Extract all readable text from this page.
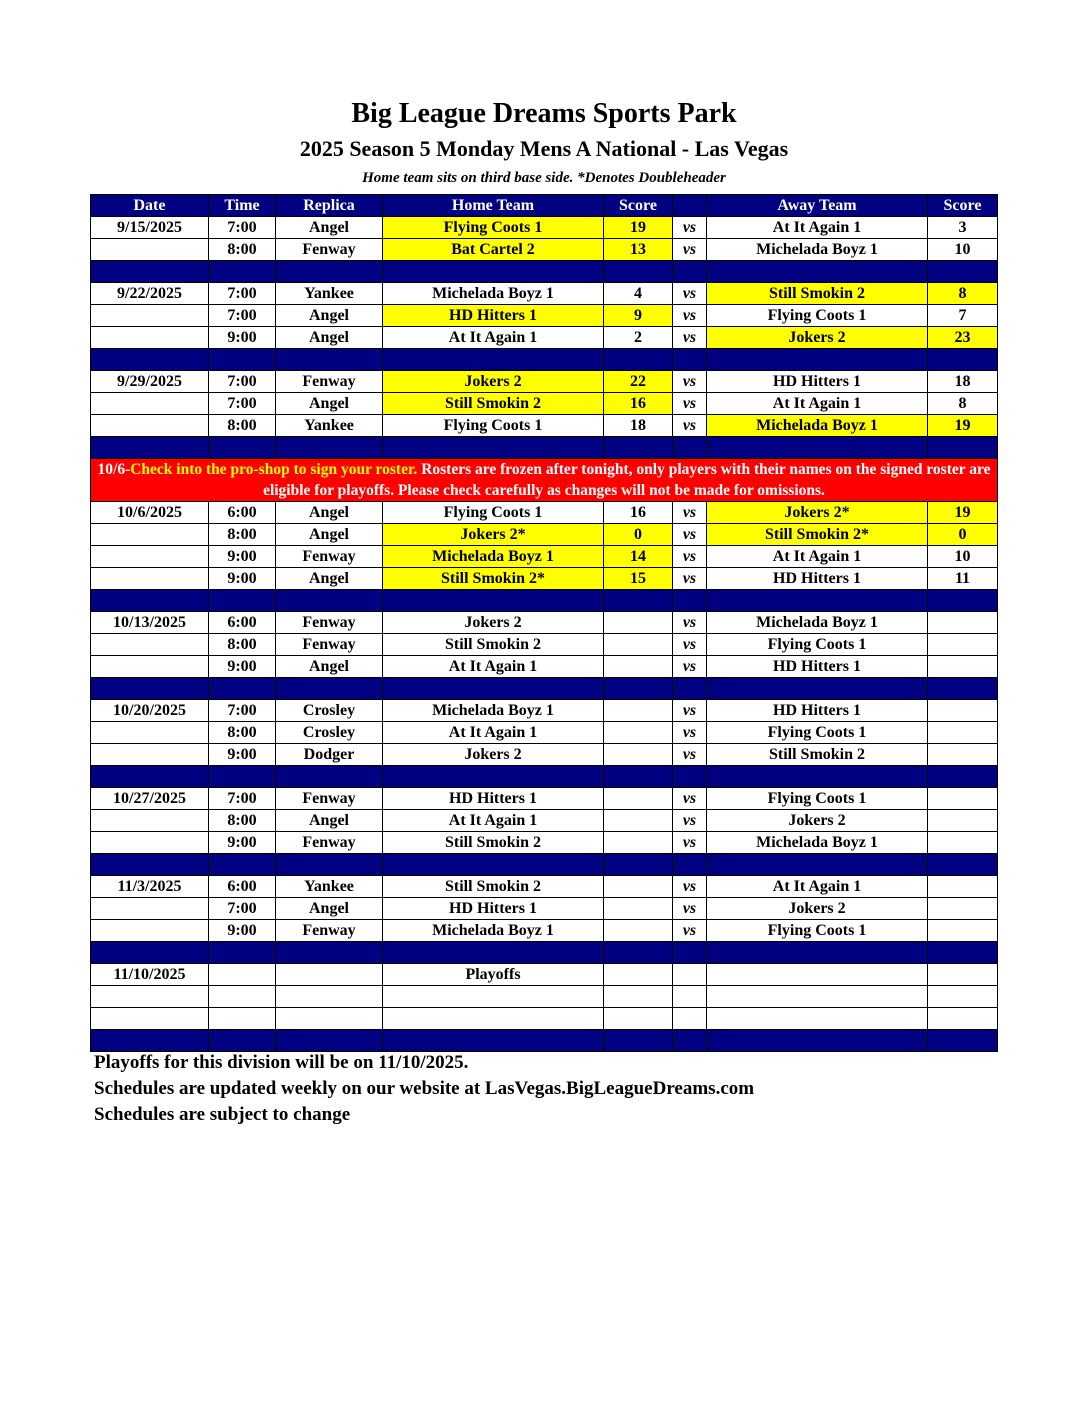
Big League Dreams Sports Park
2025 Season 5 Monday Mens A National - Las Vegas
Home team sits on third base side. *Denotes Doubleheader
Date	Time	Replica	Home Team	Score		Away Team	Score
9/15/2025	7:00	Angel	Flying Coots 1	19	vs	At It Again 1	3
	8:00	Fenway	Bat Cartel 2	13	vs	Michelada Boyz 1	10

9/22/2025	7:00	Yankee	Michelada Boyz 1	4	vs	Still Smokin 2	8
	7:00	Angel	HD Hitters 1	9	vs	Flying Coots 1	7
	9:00	Angel	At It Again 1	2	vs	Jokers 2	23

9/29/2025	7:00	Fenway	Jokers 2	22	vs	HD Hitters 1	18
	7:00	Angel	Still Smokin 2	16	vs	At It Again 1	8
	8:00	Yankee	Flying Coots 1	18	vs	Michelada Boyz 1	19

10/6-Check into the pro-shop to sign your roster. Rosters are frozen after tonight, only players with their names on the signed roster are eligible for playoffs. Please check carefully as changes will not be made for omissions.							
10/6/2025	6:00	Angel	Flying Coots 1	16	vs	Jokers 2*	19
	8:00	Angel	Jokers 2*	0	vs	Still Smokin 2*	0
	9:00	Fenway	Michelada Boyz 1	14	vs	At It Again 1	10
	9:00	Angel	Still Smokin 2*	15	vs	HD Hitters 1	11

10/13/2025	6:00	Fenway	Jokers 2		vs	Michelada Boyz 1	
	8:00	Fenway	Still Smokin 2		vs	Flying Coots 1	
	9:00	Angel	At It Again 1		vs	HD Hitters 1	

10/20/2025	7:00	Crosley	Michelada Boyz 1		vs	HD Hitters 1	
	8:00	Crosley	At It Again 1		vs	Flying Coots 1	
	9:00	Dodger	Jokers 2		vs	Still Smokin 2	

10/27/2025	7:00	Fenway	HD Hitters 1		vs	Flying Coots 1	
	8:00	Angel	At It Again 1		vs	Jokers 2	
	9:00	Fenway	Still Smokin 2		vs	Michelada Boyz 1	

11/3/2025	6:00	Yankee	Still Smokin 2		vs	At It Again 1	
	7:00	Angel	HD Hitters 1		vs	Jokers 2	
	9:00	Fenway	Michelada Boyz 1		vs	Flying Coots 1	

11/10/2025			Playoffs				

Playoffs for this division will be on 11/10/2025.
Schedules are updated weekly on our website at LasVegas.BigLeagueDreams.com
Schedules are subject to change
